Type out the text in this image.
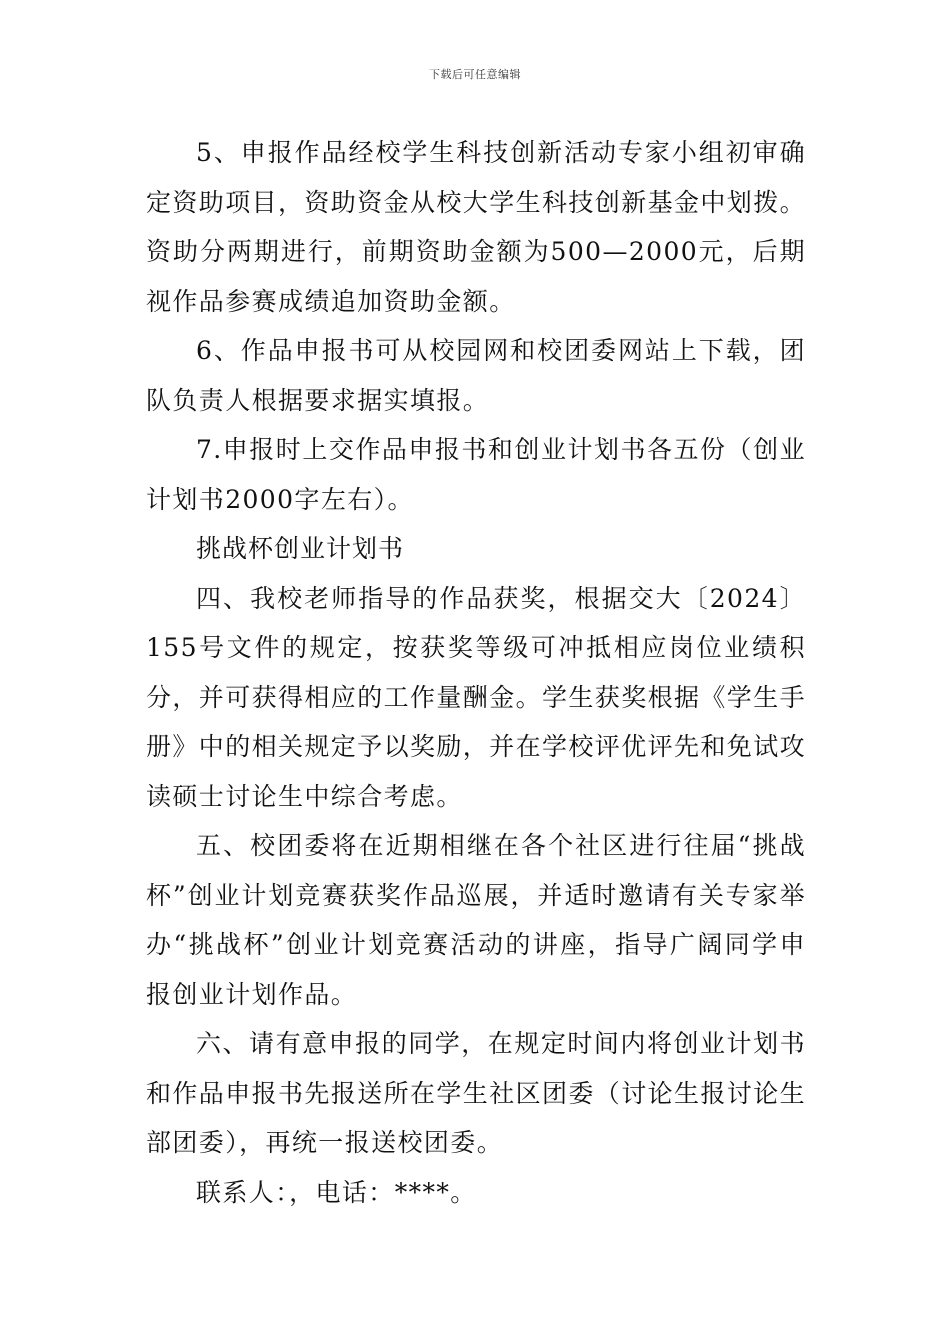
下载后可任意编辑

5、申报作品经校学生科技创新活动专家小组初审确定资助项目，资助资金从校大学生科技创新基金中划拨。资助分两期进行，前期资助金额为500—2000元，后期视作品参赛成绩追加资助金额。

6、作品申报书可从校园网和校团委网站上下载，团队负责人根据要求据实填报。

7.申报时上交作品申报书和创业计划书各五份（创业计划书2000字左右）。

挑战杯创业计划书

四、我校老师指导的作品获奖，根据交大〔2024〕155号文件的规定，按获奖等级可冲抵相应岗位业绩积分，并可获得相应的工作量酬金。学生获奖根据《学生手册》中的相关规定予以奖励，并在学校评优评先和免试攻读硕士讨论生中综合考虑。

五、校团委将在近期相继在各个社区进行往届“挑战杯”创业计划竞赛获奖作品巡展，并适时邀请有关专家举办“挑战杯”创业计划竞赛活动的讲座，指导广阔同学申报创业计划作品。

六、请有意申报的同学，在规定时间内将创业计划书和作品申报书先报送所在学生社区团委（讨论生报讨论生部团委），再统一报送校团委。

联系人：，电话：****。
